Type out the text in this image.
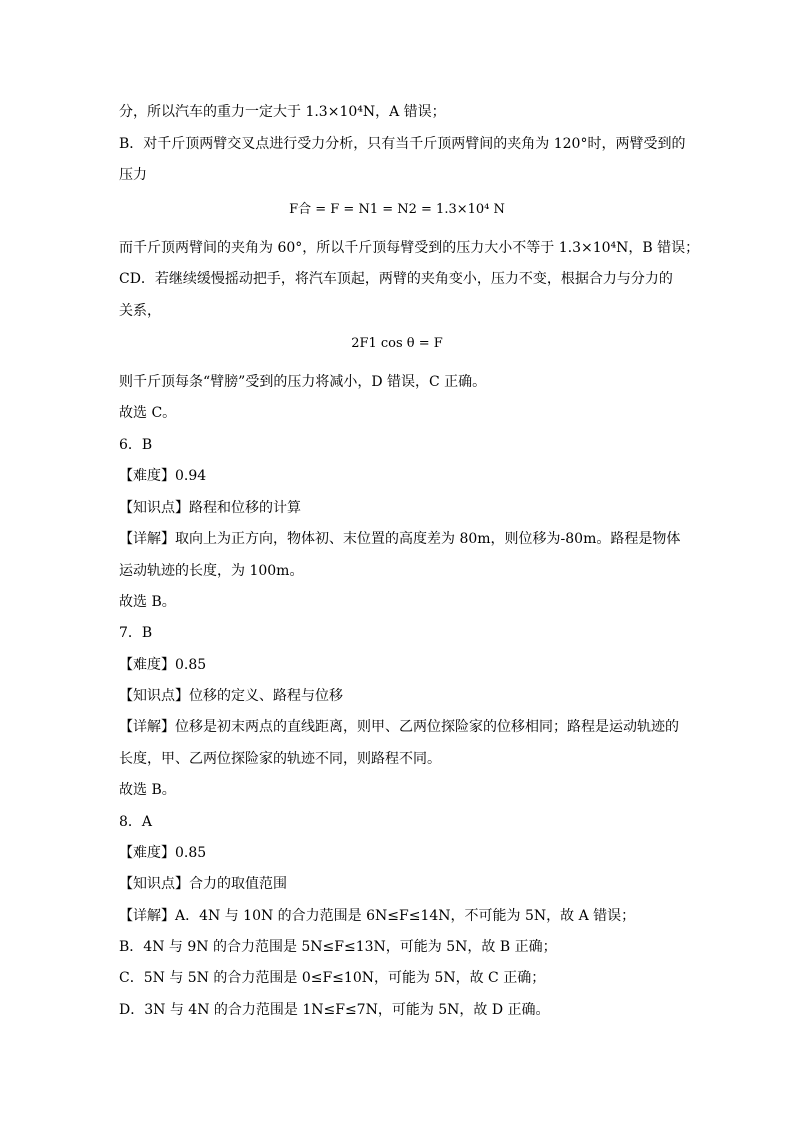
分，所以汽车的重力一定大于 1.3×10⁴N，A 错误；
B．对千斤顶两臂交叉点进行受力分析，只有当千斤顶两臂间的夹角为 120°时，两臂受到的
压力
F合 = F = N1 = N2 = 1.3×10⁴ N
而千斤顶两臂间的夹角为 60°，所以千斤顶每臂受到的压力大小不等于 1.3×10⁴N，B 错误；
CD．若继续缓慢摇动把手，将汽车顶起，两臂的夹角变小，压力不变，根据合力与分力的
关系，
2F1 cos θ = F
则千斤顶每条“臂膀”受到的压力将减小，D 错误，C 正确。
故选 C。
6．B
【难度】0.94
【知识点】路程和位移的计算
【详解】取向上为正方向，物体初、末位置的高度差为 80m，则位移为-80m。路程是物体
运动轨迹的长度，为 100m。
故选 B。
7．B
【难度】0.85
【知识点】位移的定义、路程与位移
【详解】位移是初末两点的直线距离，则甲、乙两位探险家的位移相同；路程是运动轨迹的
长度，甲、乙两位探险家的轨迹不同，则路程不同。
故选 B。
8．A
【难度】0.85
【知识点】合力的取值范围
【详解】A．4N 与 10N 的合力范围是 6N≤F≤14N，不可能为 5N，故 A 错误；
B．4N 与 9N 的合力范围是 5N≤F≤13N，可能为 5N，故 B 正确；
C．5N 与 5N 的合力范围是 0≤F≤10N，可能为 5N，故 C 正确；
D．3N 与 4N 的合力范围是 1N≤F≤7N，可能为 5N，故 D 正确。
